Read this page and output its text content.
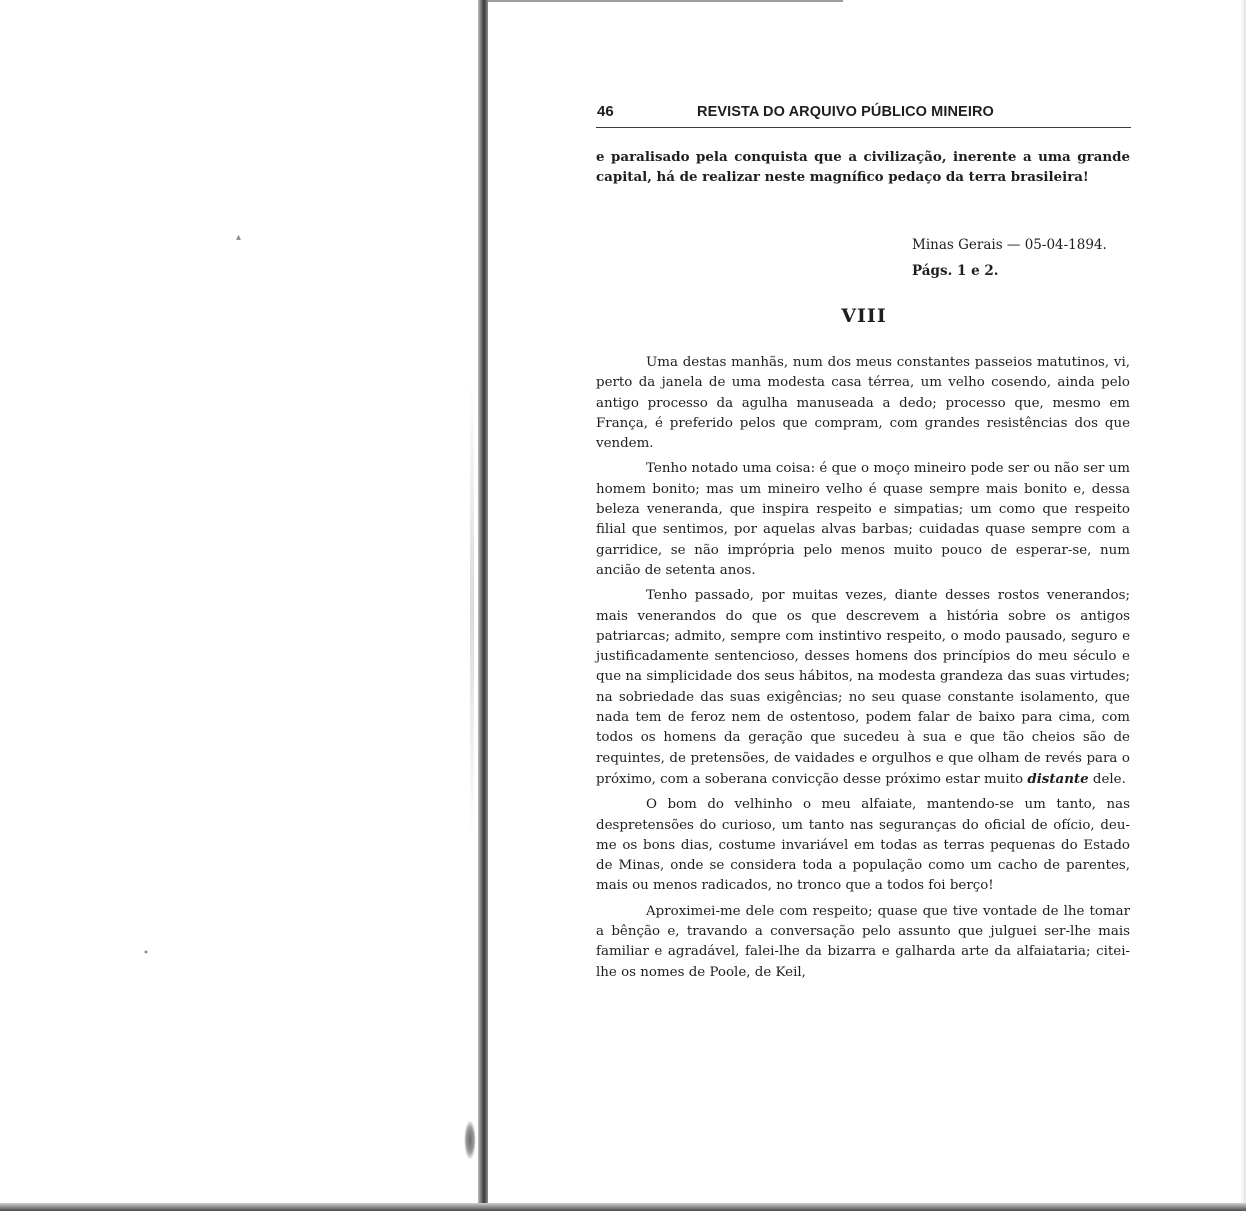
▴
•
46	REVISTA DO ARQUIVO PÚBLICO MINEIRO

e paralisado pela conquista que a civilização, inerente a uma grande capital, há de realizar neste magnífico pedaço da terra brasileira!

Minas Gerais — 05-04-1894.
Págs. 1 e 2.
VIII

Uma destas manhãs, num dos meus constantes passeios matutinos, vi, perto da janela de uma modesta casa térrea, um velho cosendo, ainda pelo antigo processo da agulha manuseada a dedo; processo que, mesmo em França, é preferido pelos que compram, com grandes resistências dos que vendem.

Tenho notado uma coisa: é que o moço mineiro pode ser ou não ser um homem bonito; mas um mineiro velho é quase sempre mais bonito e, dessa beleza veneranda, que inspira respeito e simpatias; um como que respeito filial que sentimos, por aquelas alvas barbas; cuidadas quase sempre com a garridice, se não imprópria pelo menos muito pouco de esperar-se, num ancião de setenta anos.

Tenho passado, por muitas vezes, diante desses rostos venerandos; mais venerandos do que os que descrevem a história sobre os antigos patriarcas; admito, sempre com instintivo respeito, o modo pausado, seguro e justificadamente sentencioso, desses homens dos princípios do meu século e que na simplicidade dos seus hábitos, na modesta grandeza das suas virtudes; na sobriedade das suas exigências; no seu quase constante isolamento, que nada tem de feroz nem de ostentoso, podem falar de baixo para cima, com todos os homens da geração que sucedeu à sua e que tão cheios são de requintes, de pretensões, de vaidades e orgulhos e que olham de revés para o próximo, com a soberana convicção desse próximo estar muito distante dele.

O bom do velhinho o meu alfaiate, mantendo-se um tanto, nas despretensões do curioso, um tanto nas seguranças do oficial de ofício, deu-me os bons dias, costume invariável em todas as terras pequenas do Estado de Minas, onde se considera toda a população como um cacho de parentes, mais ou menos radicados, no tronco que a todos foi berço!

Aproximei-me dele com respeito; quase que tive vontade de lhe tomar a bênção e, travando a conversação pelo assunto que julguei ser-lhe mais familiar e agradável, falei-lhe da bizarra e galharda arte da alfaiataria; citei-lhe os nomes de Poole, de Keil,
